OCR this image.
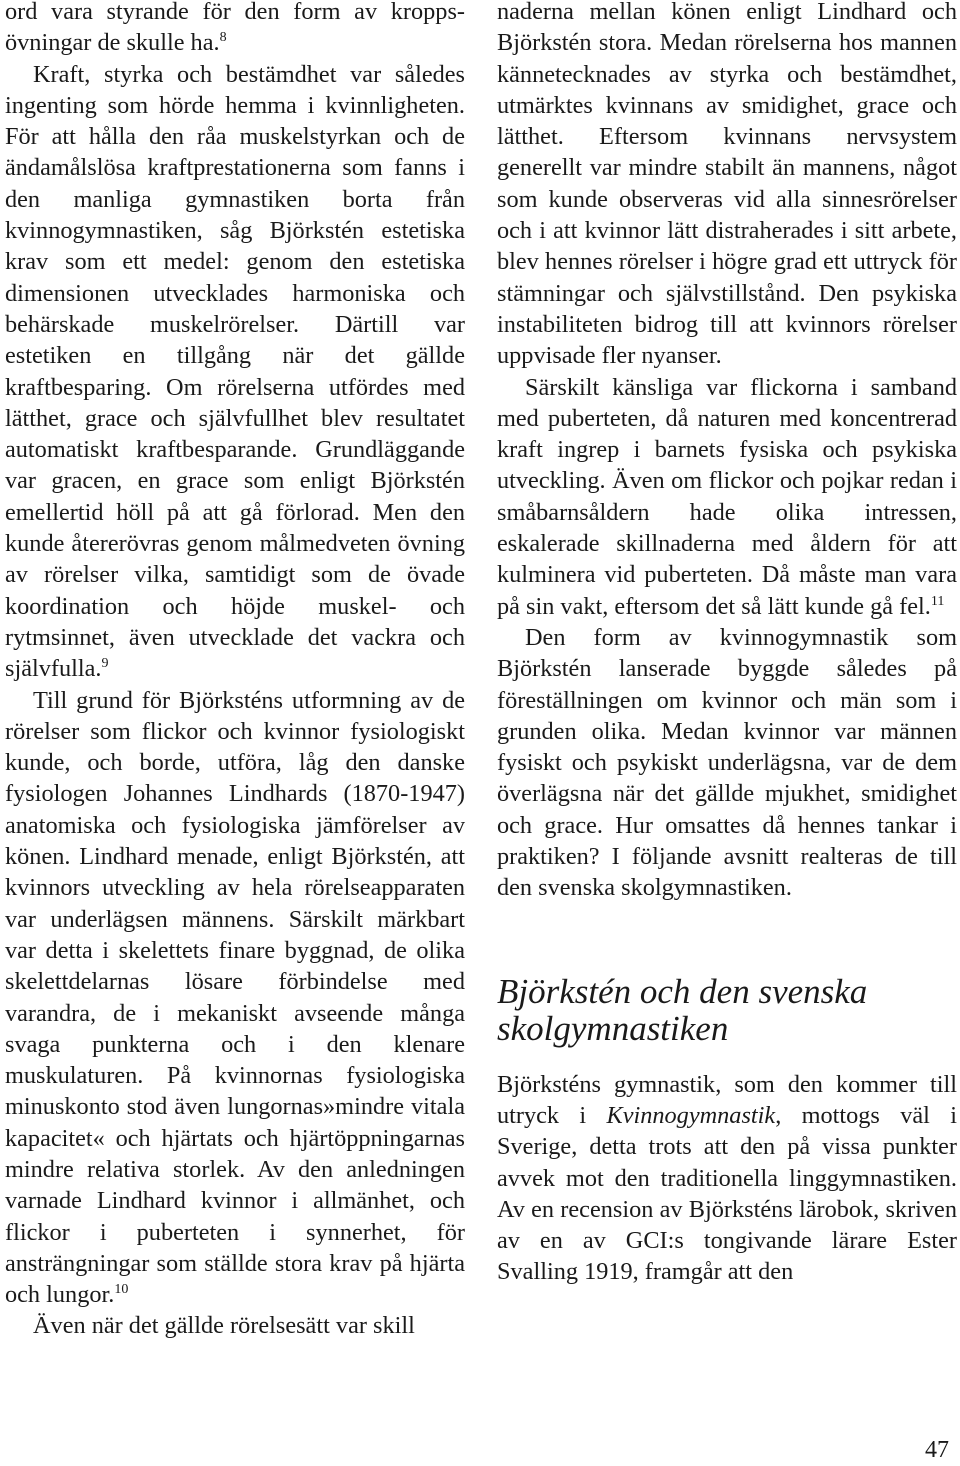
ord vara styrande för den form av kroppsövningar de skulle ha.$^8$

Kraft, styrka och bestämdhet var således ingenting som hörde hemma i kvinnligheten. För att hålla den råa muskelstyrkan och de ändamålslösa kraftprestationerna som fanns i den manliga gymnastiken borta från kvinnogymnastiken, såg Björkstén estetiska krav som ett medel: genom den estetiska dimensionen utvecklades harmoniska och behärskade muskelrörelser. Därtill var estetiken en tillgång när det gällde kraftbesparing. Om rörelserna utfördes med lätthet, grace och självfullhet blev resultatet automatiskt kraftbesparande. Grundläggande var gracen, en grace som enligt Björkstén emellertid höll på att gå förlorad. Men den kunde återerövras genom målmedveten övning av rörelser vilka, samtidigt som de övade koordination och höjde muskel- och rytmsinnet, även utvecklade det vackra och självfulla.$^9$

Till grund för Björksténs utformning av de rörelser som flickor och kvinnor fysiologiskt kunde, och borde, utföra, låg den danske fysiologen Johannes Lindhards (1870-1947) anatomiska och fysiologiska jämförelser av könen. Lindhard menade, enligt Björkstén, att kvinnors utveckling av hela rörelseapparaten var underlägsen männens. Särskilt märkbart var detta i skelettets finare byggnad, de olika skelettdelarnas lösare förbindelse med varandra, de i mekaniskt avseende många svaga punkterna och i den klenare muskulaturen. På kvinnornas fysiologiska minuskonto stod även lungornas»mindre vitala kapacitet« och hjärtats och hjärtöppningarnas mindre relativa storlek. Av den anledningen varnade Lindhard kvinnor i allmänhet, och flickor i puberteten i synnerhet, för ansträngningar som ställde stora krav på hjärta och lungor.$^{10}$

Även när det gällde rörelsesätt var skill

naderna mellan könen enligt Lindhard och Björkstén stora. Medan rörelserna hos mannen kännetecknades av styrka och bestämdhet, utmärktes kvinnans av smidighet, grace och lätthet. Eftersom kvinnans nervsystem generellt var mindre stabilt än mannens, något som kunde observeras vid alla sinnesrörelser och i att kvinnor lätt distraherades i sitt arbete, blev hennes rörelser i högre grad ett uttryck för stämningar och självstillstånd. Den psykiska instabiliteten bidrog till att kvinnors rörelser uppvisade fler nyanser.

Särskilt känsliga var flickorna i samband med puberteten, då naturen med koncentrerad kraft ingrep i barnets fysiska och psykiska utveckling. Även om flickor och pojkar redan i småbarnsåldern hade olika intressen, eskalerade skillnaderna med åldern för att kulminera vid puberteten. Då måste man vara på sin vakt, eftersom det så lätt kunde gå fel.$^{11}$

Den form av kvinnogymnastik som Björkstén lanserade byggde således på föreställningen om kvinnor och män som i grunden olika. Medan kvinnor var männen fysiskt och psykiskt underlägsna, var de dem överlägsna när det gällde mjukhet, smidighet och grace. Hur omsattes då hennes tankar i praktiken? I följande avsnitt realteras de till den svenska skolgymnastiken.

Björkstén och den svenska skolgymnastiken

Björksténs gymnastik, som den kommer till utryck i Kvinnogymnastik, mottogs väl i Sverige, detta trots att den på vissa punkter avvek mot den traditionella linggymnastiken. Av en recension av Björksténs lärobok, skriven av en av GCI:s tongivande lärare Ester Svalling 1919, framgår att den

47
